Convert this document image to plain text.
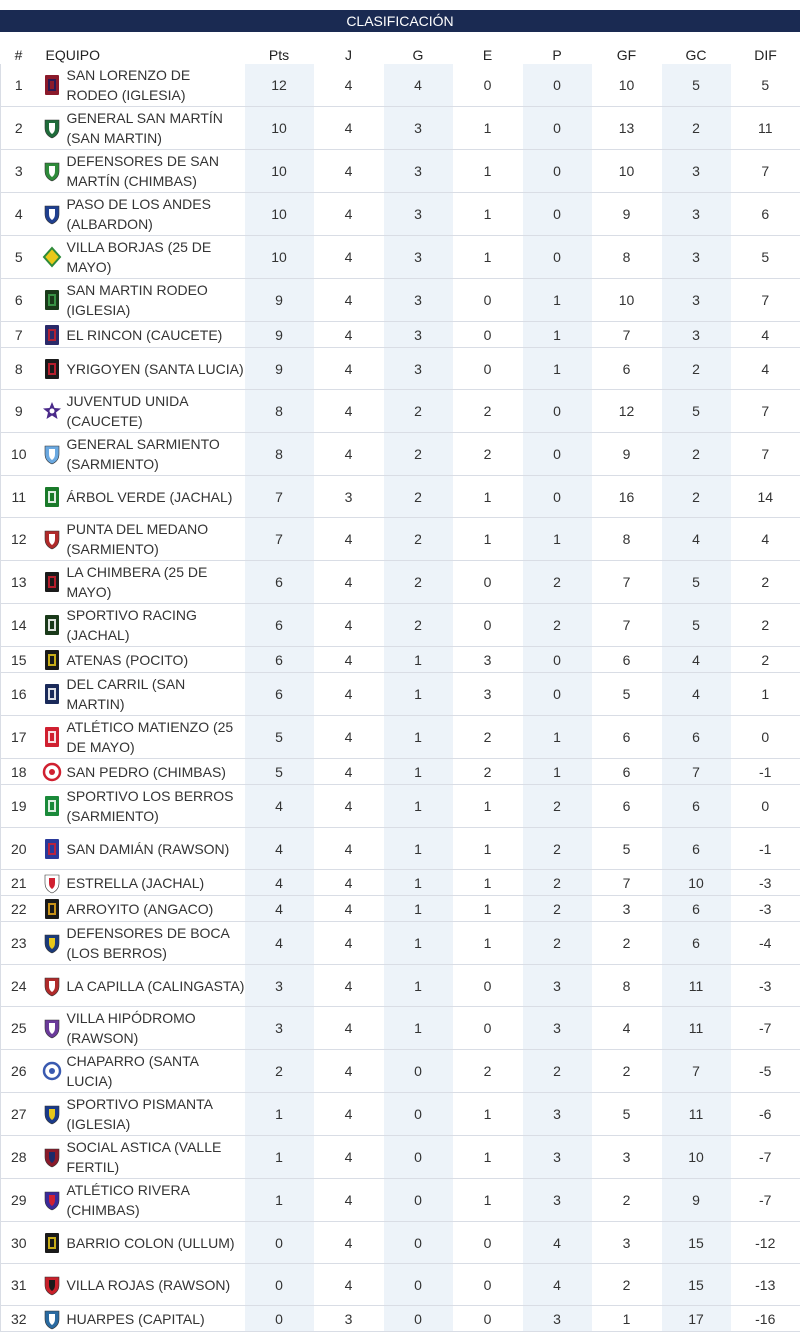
CLASIFICACIÓN
#	EQUIPO	Pts	J	G	E	P	GF	GC	DIF
1	SAN LORENZO DE RODEO (IGLESIA)	12	4	4	0	0	10	5	5
2	GENERAL SAN MARTÍN (SAN MARTIN)	10	4	3	1	0	13	2	11
3	DEFENSORES DE SAN MARTÍN (CHIMBAS)	10	4	3	1	0	10	3	7
4	PASO DE LOS ANDES (ALBARDON)	10	4	3	1	0	9	3	6
5	VILLA BORJAS (25 DE MAYO)	10	4	3	1	0	8	3	5
6	SAN MARTIN RODEO (IGLESIA)	9	4	3	0	1	10	3	7
7	EL RINCON (CAUCETE)	9	4	3	0	1	7	3	4
8	YRIGOYEN (SANTA LUCIA)	9	4	3	0	1	6	2	4
9	JUVENTUD UNIDA (CAUCETE)	8	4	2	2	0	12	5	7
10	GENERAL SARMIENTO (SARMIENTO)	8	4	2	2	0	9	2	7
11	ÁRBOL VERDE (JACHAL)	7	3	2	1	0	16	2	14
12	PUNTA DEL MEDANO (SARMIENTO)	7	4	2	1	1	8	4	4
13	LA CHIMBERA (25 DE MAYO)	6	4	2	0	2	7	5	2
14	SPORTIVO RACING (JACHAL)	6	4	2	0	2	7	5	2
15	ATENAS (POCITO)	6	4	1	3	0	6	4	2
16	DEL CARRIL (SAN MARTIN)	6	4	1	3	0	5	4	1
17	ATLÉTICO MATIENZO (25 DE MAYO)	5	4	1	2	1	6	6	0
18	SAN PEDRO (CHIMBAS)	5	4	1	2	1	6	7	-1
19	SPORTIVO LOS BERROS (SARMIENTO)	4	4	1	1	2	6	6	0
20	SAN DAMIÁN (RAWSON)	4	4	1	1	2	5	6	-1
21	ESTRELLA (JACHAL)	4	4	1	1	2	7	10	-3
22	ARROYITO (ANGACO)	4	4	1	1	2	3	6	-3
23	DEFENSORES DE BOCA (LOS BERROS)	4	4	1	1	2	2	6	-4
24	LA CAPILLA (CALINGASTA)	3	4	1	0	3	8	11	-3
25	VILLA HIPÓDROMO (RAWSON)	3	4	1	0	3	4	11	-7
26	CHAPARRO (SANTA LUCIA)	2	4	0	2	2	2	7	-5
27	SPORTIVO PISMANTA (IGLESIA)	1	4	0	1	3	5	11	-6
28	SOCIAL ASTICA (VALLE FERTIL)	1	4	0	1	3	3	10	-7
29	ATLÉTICO RIVERA (CHIMBAS)	1	4	0	1	3	2	9	-7
30	BARRIO COLON (ULLUM)	0	4	0	0	4	3	15	-12
31	VILLA ROJAS (RAWSON)	0	4	0	0	4	2	15	-13
32	HUARPES (CAPITAL)	0	3	0	0	3	1	17	-16
